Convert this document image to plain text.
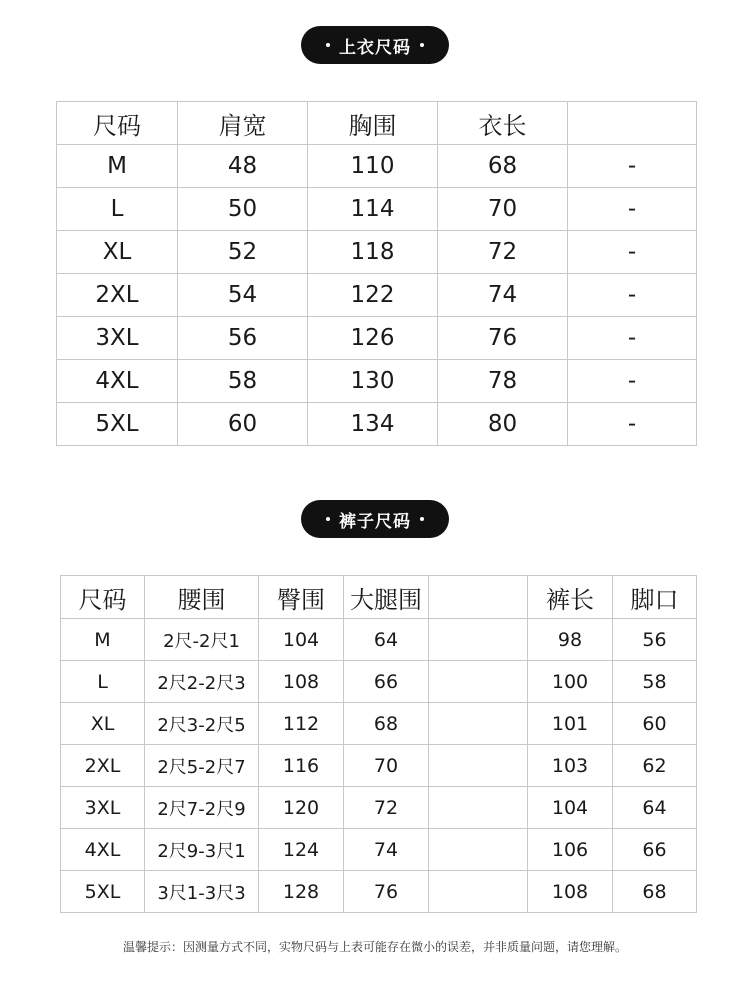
上衣尺码
尺码	肩宽	胸围	衣长	
M	48	110	68	-
L	50	114	70	-
XL	52	118	72	-
2XL	54	122	74	-
3XL	56	126	76	-
4XL	58	130	78	-
5XL	60	134	80	-
裤子尺码
尺码	腰围	臀围	大腿围		裤长	脚口
M	2尺-2尺1	104	64		98	56
L	2尺2-2尺3	108	66		100	58
XL	2尺3-2尺5	112	68		101	60
2XL	2尺5-2尺7	116	70		103	62
3XL	2尺7-2尺9	120	72		104	64
4XL	2尺9-3尺1	124	74		106	66
5XL	3尺1-3尺3	128	76		108	68
温馨提示：因测量方式不同，实物尺码与上表可能存在微小的误差，并非质量问题，请您理解。
